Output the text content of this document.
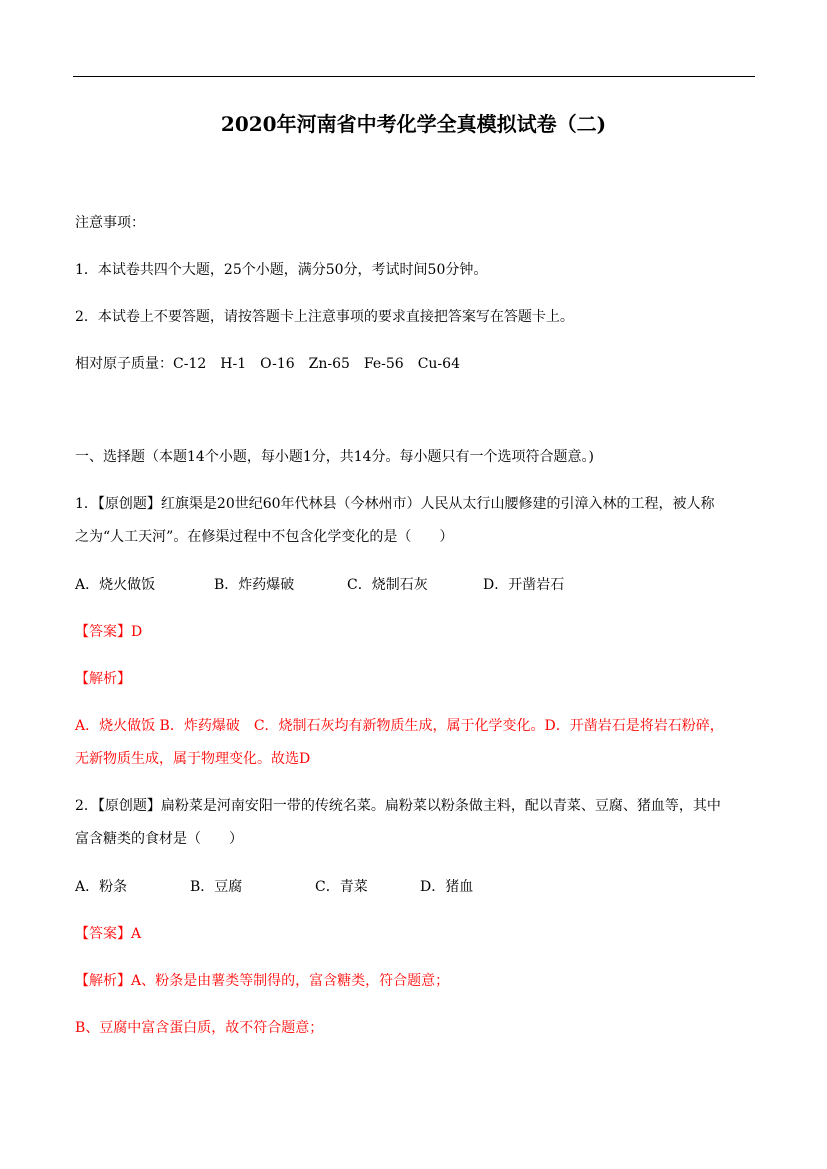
2020年河南省中考化学全真模拟试卷（二)
注意事项：
1．本试卷共四个大题，25个小题，满分50分，考试时间50分钟。
2．本试卷上不要答题，请按答题卡上注意事项的要求直接把答案写在答题卡上。
相对原子质量：C-12　H-1　O-16　Zn-65　Fe-56　Cu-64
一、选择题（本题14个小题，每小题1分，共14分。每小题只有一个选项符合题意。)
1．【原创题】红旗渠是20世纪60年代林县（今林州市）人民从太行山腰修建的引漳入林的工程，被人称
之为“人工天河”。在修渠过程中不包含化学变化的是（　　）
A．烧火做饭	B．炸药爆破	C．烧制石灰	D．开凿岩石
【答案】D
【解析】
A．烧火做饭 B．炸药爆破　C．烧制石灰均有新物质生成，属于化学变化。D．开凿岩石是将岩石粉碎，
无新物质生成，属于物理变化。故选D
2．【原创题】扁粉菜是河南安阳一带的传统名菜。扁粉菜以粉条做主料，配以青菜、豆腐、猪血等，其中
富含糖类的食材是（　　）
A．粉条	B．豆腐	C．青菜	D．猪血
【答案】A
【解析】A、粉条是由薯类等制得的，富含糖类，符合题意；
B、豆腐中富含蛋白质，故不符合题意；
